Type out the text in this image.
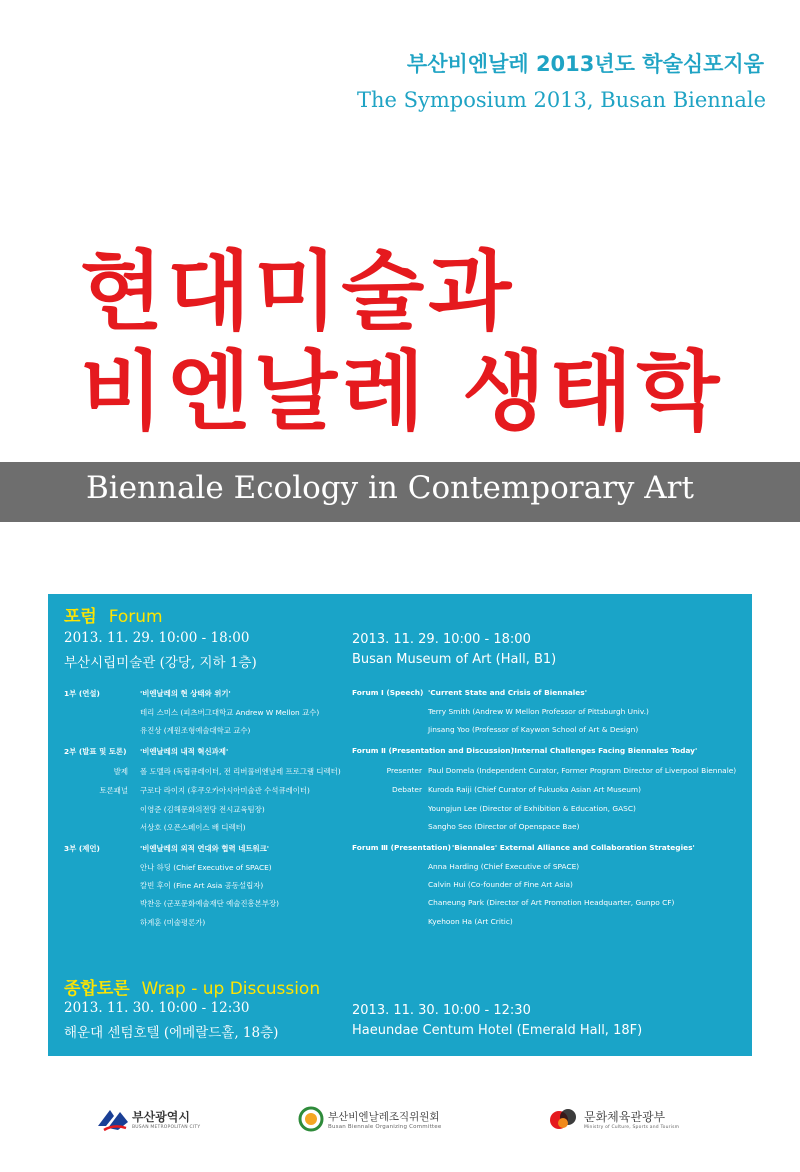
부산비엔날레 2013년도 학술심포지움
The Symposium 2013, Busan Biennale
현대미술과
비엔날레 생태학
Biennale Ecology in Contemporary Art
포럼 Forum
2013. 11. 29. 10:00 - 18:00
부산시립미술관 (강당, 지하 1층)
2013. 11. 29. 10:00 - 18:00
Busan Museum of Art (Hall, B1)
1부 (연설)	'비엔날레의 현 상태와 위기'
테리 스미스 (피츠버그대학교 Andrew W Mellon 교수)
유진상 (계원조형예술대학교 교수)
2부 (발표 및 토론) '비엔날레의 내적 혁신과제'
발제 폴 도멜라 (독립큐레이터, 전 리버풀비엔날레 프로그램 디렉터)
토론패널 구로다 라이지 (후쿠오카아시아미술관 수석큐레이터)
이영준 (김해문화의전당 전시교육팀장)
서상호 (오픈스페이스 배 디렉터)
3부 (제언)	'비엔날레의 외적 연대와 협력 네트워크'
안나 하딩 (Chief Executive of SPACE)
칼빈 후이 (Fine Art Asia 공동설립자)
박찬응 (군포문화예술재단 예술진흥본부장)
하계훈 (미술평론가)
Forum Ⅰ (Speech) 'Current State and Crisis of Biennales'
Terry Smith (Andrew W Mellon Professor of Pittsburgh Univ.)
Jinsang Yoo (Professor of Kaywon School of Art & Design)
Forum Ⅱ (Presentation and Discussion)
'Internal Challenges Facing Biennales Today'
Presenter Paul Domela (Independent Curator, Former Program Director of Liverpool Biennale)
Debater Kuroda Raiji (Chief Curator of Fukuoka Asian Art Museum)
Youngjun Lee (Director of Exhibition & Education, GASC)
Sangho Seo (Director of Openspace Bae)
Forum Ⅲ (Presentation) 'Biennales' External Alliance and Collaboration Strategies'
Anna Harding (Chief Executive of SPACE)
Calvin Hui (Co-founder of Fine Art Asia)
Chaneung Park (Director of Art Promotion Headquarter, Gunpo CF)
Kyehoon Ha (Art Critic)
종합토론 Wrap - up Discussion
2013. 11. 30. 10:00 - 12:30
해운대 센텀호텔 (에메랄드홀, 18층)
2013. 11. 30. 10:00 - 12:30
Haeundae Centum Hotel (Emerald Hall, 18F)
부산광역시
BUSAN METROPOLITAN CITY
부산비엔날레조직위원회
Busan Biennale Organizing Committee
문화체육관광부
Ministry of Culture, Sports and Tourism
